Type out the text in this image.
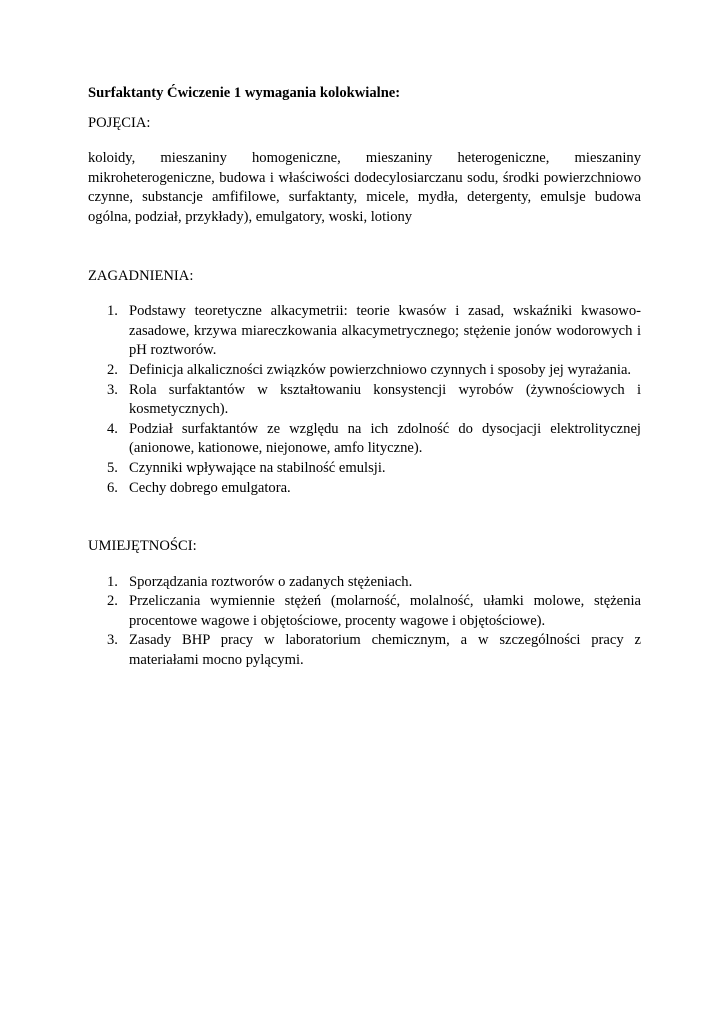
Surfaktanty Ćwiczenie 1 wymagania kolokwialne:

POJĘCIA:

koloidy, mieszaniny homogeniczne, mieszaniny heterogeniczne, mieszaniny mikroheterogeniczne, budowa i właściwości dodecylosiarczanu sodu, środki powierzchniowo czynne, substancje amfifilowe, surfaktanty, micele, mydła, detergenty, emulsje budowa ogólna, podział, przykłady), emulgatory, woski, lotiony

ZAGADNIENIA:

1. Podstawy teoretyczne alkacymetrii: teorie kwasów i zasad, wskaźniki kwasowo-zasadowe, krzywa miareczkowania alkacymetrycznego; stężenie jonów wodorowych i pH roztworów.
2. Definicja alkaliczności związków powierzchniowo czynnych i sposoby jej wyrażania.
3. Rola surfaktantów w kształtowaniu konsystencji wyrobów (żywnościowych i kosmetycznych).
4. Podział surfaktantów ze względu na ich zdolność do dysocjacji elektrolitycznej (anionowe, kationowe, niejonowe, amfo lityczne).
5. Czynniki wpływające na stabilność emulsji.
6. Cechy dobrego emulgatora.

UMIEJĘTNOŚCI:

1. Sporządzania roztworów o zadanych stężeniach.
2. Przeliczania wymiennie stężeń (molarność, molalność, ułamki molowe, stężenia procentowe wagowe i objętościowe, procenty wagowe i objętościowe).
3. Zasady BHP pracy w laboratorium chemicznym, a w szczególności pracy z materiałami mocno pylącymi.
